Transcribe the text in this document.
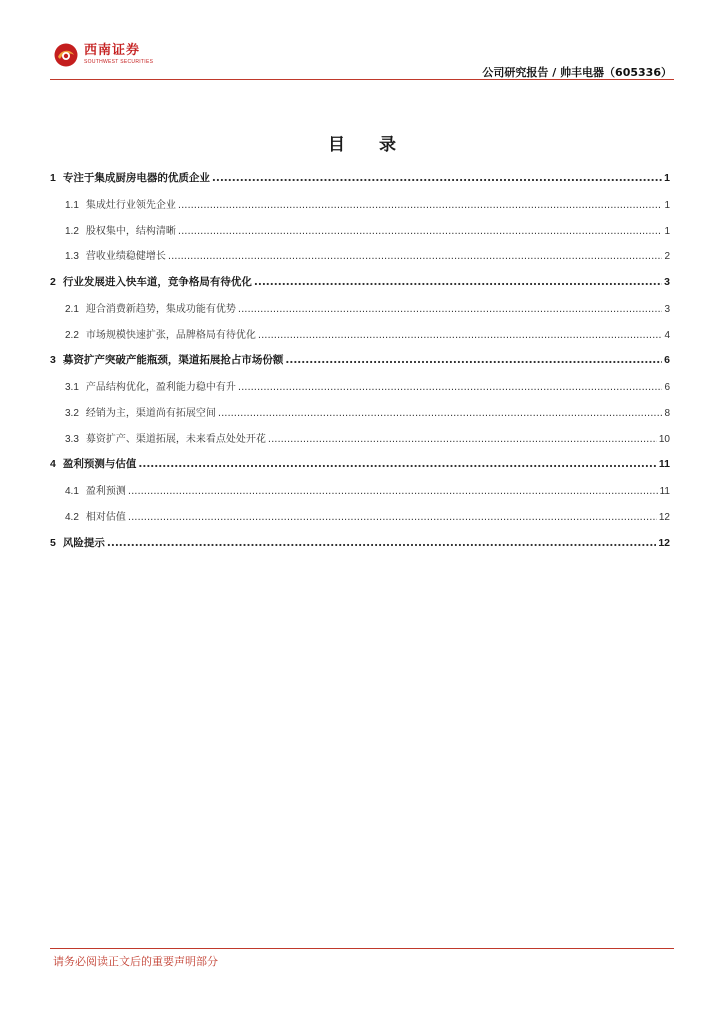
西南证券
SOUTHWEST SECURITIES
公司研究报告 / 帅丰电器（605336）
目 录
1 专注于集成厨房电器的优质企业 .....	1
1.1 集成灶行业领先企业 .....	1
1.2 股权集中，结构清晰 .....	1
1.3 营收业绩稳健增长 .....	2
2 行业发展进入快车道，竞争格局有待优化 .....	3
2.1 迎合消费新趋势，集成功能有优势 .....	3
2.2 市场规模快速扩张，品牌格局有待优化 .....	4
3 募资扩产突破产能瓶颈，渠道拓展抢占市场份额 .....	6
3.1 产品结构优化，盈利能力稳中有升 .....	6
3.2 经销为主，渠道尚有拓展空间 .....	8
3.3 募资扩产、渠道拓展，未来看点处处开花 .....	10
4 盈利预测与估值 .....	11
4.1 盈利预测 .....	11
4.2 相对估值 .....	12
5 风险提示 .....	12
请务必阅读正文后的重要声明部分
